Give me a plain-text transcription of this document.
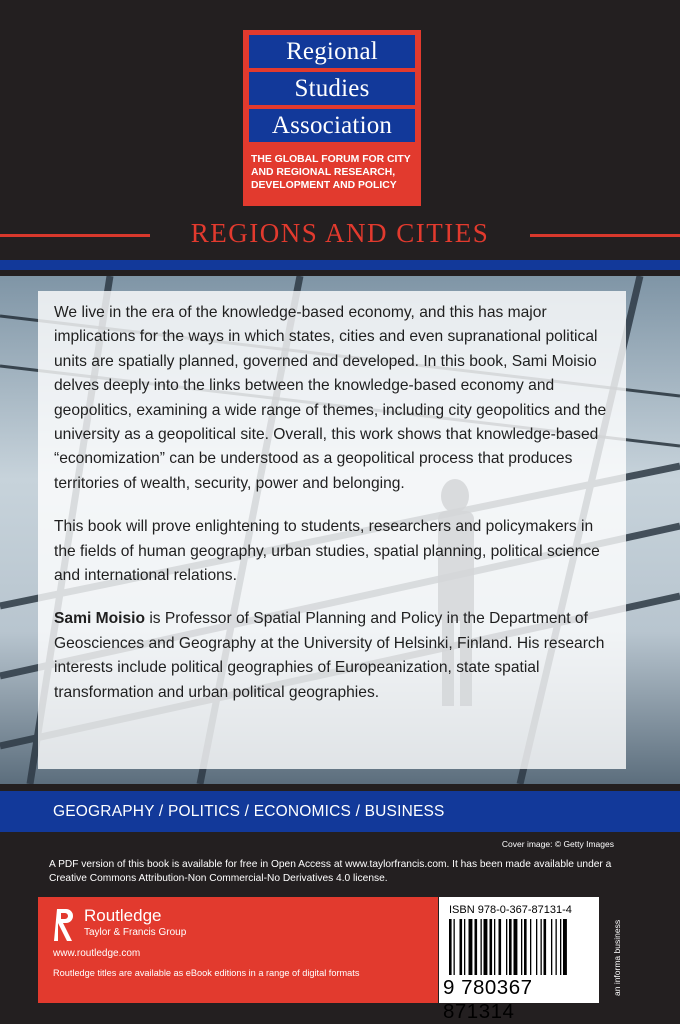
Regional
Studies
Association
THE GLOBAL FORUM FOR CITY AND REGIONAL RESEARCH, DEVELOPMENT AND POLICY
REGIONS AND CITIES

We live in the era of the knowledge-based economy, and this has major implications for the ways in which states, cities and even supranational political units are spatially planned, governed and developed. In this book, Sami Moisio delves deeply into the links between the knowledge-based economy and geopolitics, examining a wide range of themes, including city geopolitics and the university as a geopolitical site. Overall, this work shows that knowledge-based “economization” can be understood as a geopolitical process that produces territories of wealth, security, power and belonging.

This book will prove enlightening to students, researchers and policymakers in the fields of human geography, urban studies, spatial planning, political science and international relations.

Sami Moisio is Professor of Spatial Planning and Policy in the Department of Geosciences and Geography at the University of Helsinki, Finland. His research interests include political geographies of Europeanization, state spatial transformation and urban political geographies.

GEOGRAPHY / POLITICS / ECONOMICS / BUSINESS
Cover image: © Getty Images
A PDF version of this book is available for free in Open Access at www.taylorfrancis.com. It has been made available under a Creative Commons Attribution-Non Commercial-No Derivatives 4.0 license.
Routledge
Taylor & Francis Group
www.routledge.com
Routledge titles are available as eBook editions in a range of digital formats
ISBN 978-0-367-87131-4
9 780367 871314
an informa business
